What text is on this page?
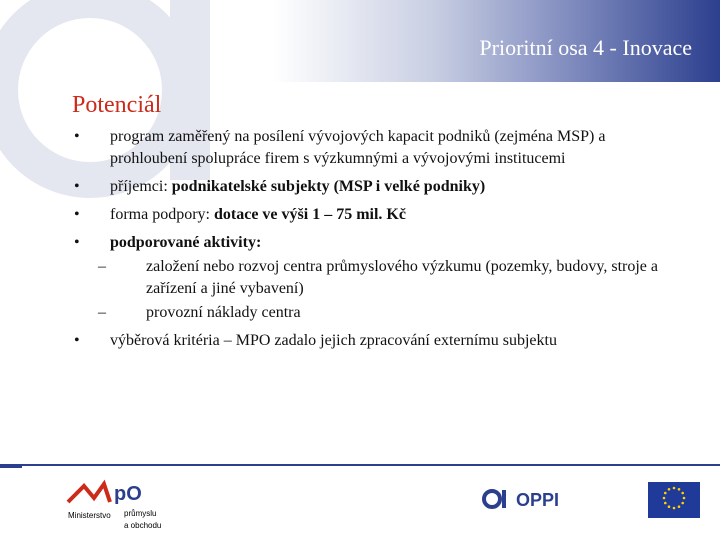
Prioritní osa 4 - Inovace
Potenciál
• program zaměřený na posílení vývojových kapacit podniků (zejména MSP) a prohloubení spolupráce firem s výzkumnými a vývojovými institucemi
• příjemci: podnikatelské subjekty (MSP i velké podniky)
• forma podpory: dotace ve výši 1 – 75 mil. Kč
• podporované aktivity:
–	založení nebo rozvoj centra průmyslového výzkumu (pozemky, budovy, stroje a zařízení a jiné vybavení)
–	provozní náklady centra
• výběrová kritéria – MPO zadalo jejich zpracování externímu subjektu
pO
Ministerstvo průmyslu
a obchodu
OPPI
